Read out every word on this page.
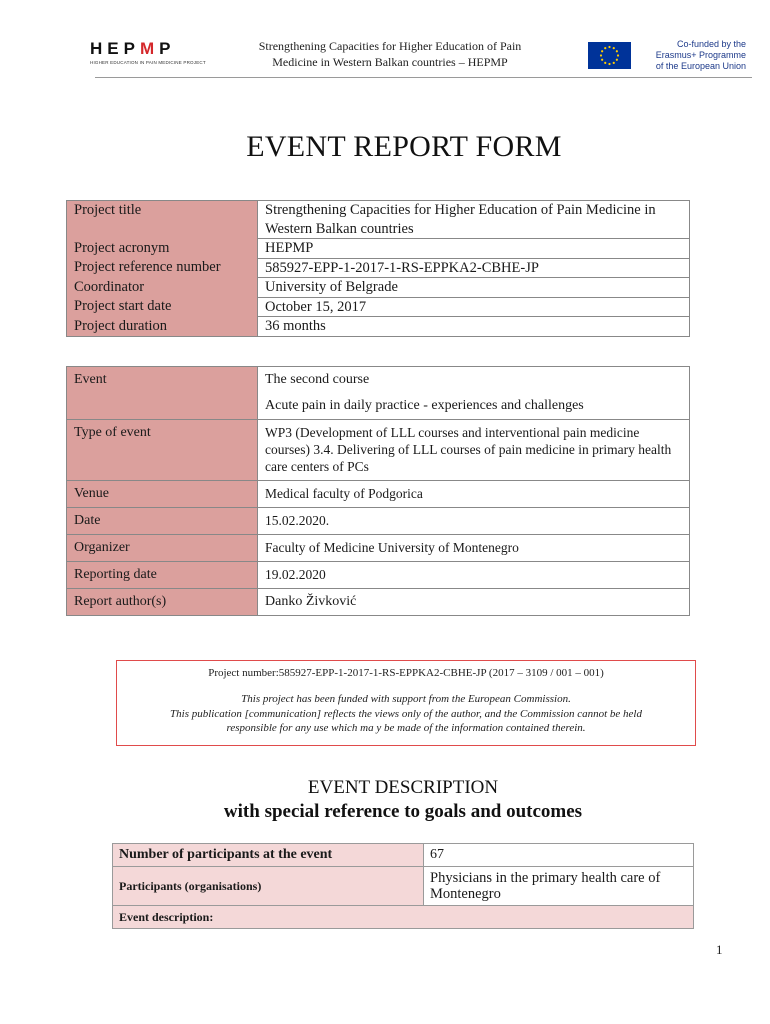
HEPMP
HIGHER EDUCATION IN PAIN MEDICINE PROJECT
Strengthening Capacities for Higher Education of Pain
Medicine in Western Balkan countries – HEPMP
Co-funded by the
Erasmus+ Programme
of the European Union
EVENT REPORT FORM
Project title	Strengthening Capacities for Higher Education of Pain Medicine in Western Balkan countries
Project acronym	HEPMP
Project reference number	585927-EPP-1-2017-1-RS-EPPKA2-CBHE-JP
Coordinator	University of Belgrade
Project start date	October 15, 2017
Project duration	36 months
Event	The second course
Acute pain in daily practice - experiences and challenges

Type of event	WP3 (Development of LLL courses and interventional pain medicine courses) 3.4. Delivering of LLL courses of pain medicine in primary health care centers of PCs
Venue	Medical faculty of Podgorica
Date	15.02.2020.
Organizer	Faculty of Medicine University of Montenegro
Reporting date	19.02.2020
Report author(s)	Danko Živković
Project number:585927-EPP-1-2017-1-RS-EPPKA2-CBHE-JP (2017 – 3109 / 001 – 001)
This project has been funded with support from the European Commission.
This publication [communication] reflects the views only of the author, and the Commission cannot be held
responsible for any use which ma y be made of the information contained therein.
EVENT DESCRIPTION
with special reference to goals and outcomes
Number of participants at the event	67
Participants (organisations)	Physicians in the primary health care of Montenegro
Event description:	
1
